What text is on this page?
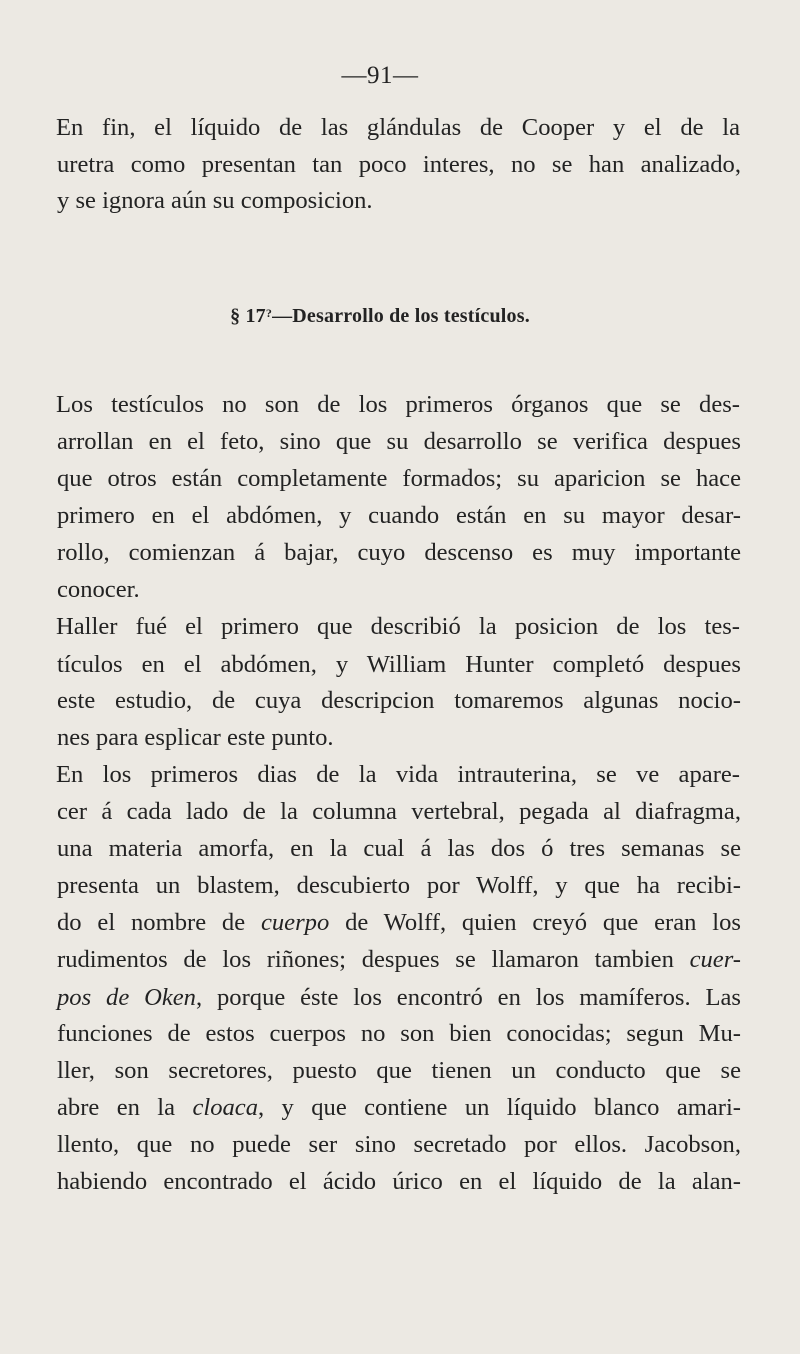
—91—
En fin, el líquido de las glándulas de Cooper y el de la
uretra como presentan tan poco interes, no se han analizado,
y se ignora aún su composicion.
§ 17?—Desarrollo de los testículos.
Los testículos no son de los primeros órganos que se des-
arrollan en el feto, sino que su desarrollo se verifica despues
que otros están completamente formados; su aparicion se hace
primero en el abdómen, y cuando están en su mayor desar-
rollo, comienzan á bajar, cuyo descenso es muy importante
conocer.
Haller fué el primero que describió la posicion de los tes-
tículos en el abdómen, y William Hunter completó despues
este estudio, de cuya descripcion tomaremos algunas nocio-
nes para esplicar este punto.
En los primeros dias de la vida intrauterina, se ve apare-
cer á cada lado de la columna vertebral, pegada al diafragma,
una materia amorfa, en la cual á las dos ó tres semanas se
presenta un blastem, descubierto por Wolff, y que ha recibi-
do el nombre de cuerpo de Wolff, quien creyó que eran los
rudimentos de los riñones; despues se llamaron tambien cuer-
pos de Oken, porque éste los encontró en los mamíferos. Las
funciones de estos cuerpos no son bien conocidas; segun Mu-
ller, son secretores, puesto que tienen un conducto que se
abre en la cloaca, y que contiene un líquido blanco amari-
llento, que no puede ser sino secretado por ellos. Jacobson,
habiendo encontrado el ácido úrico en el líquido de la alan-
